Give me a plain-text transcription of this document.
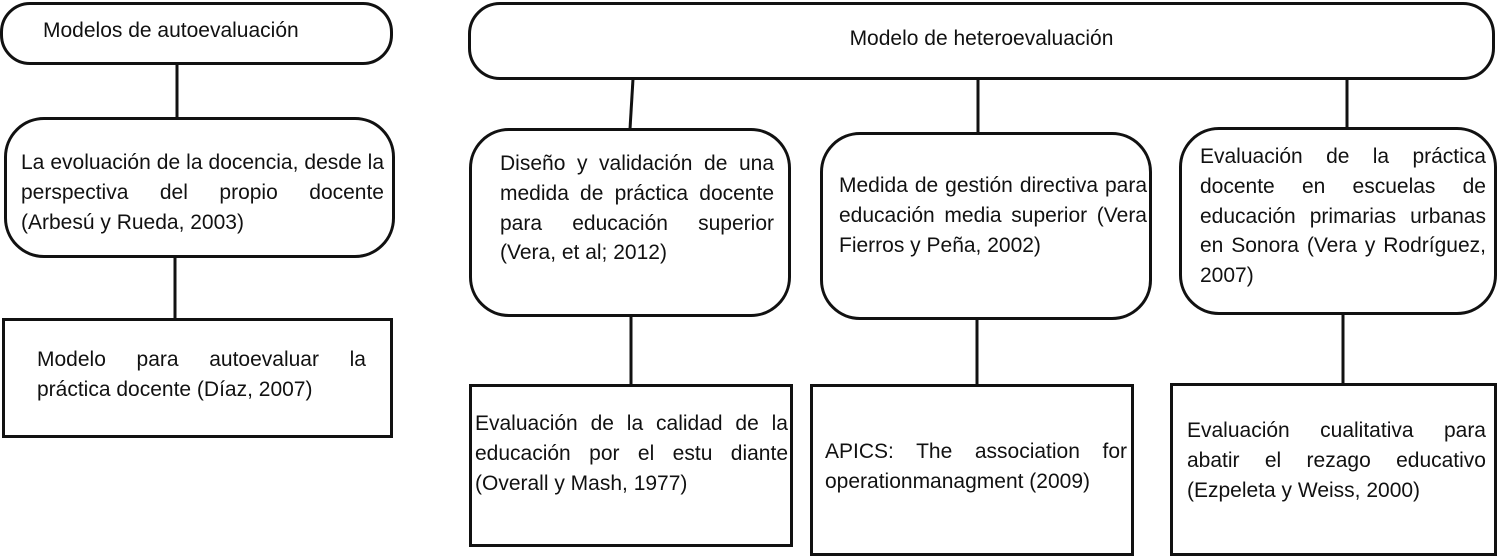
Modelos de autoevaluación
La evoluación de la docencia, desde la perspectiva del propio docente (Arbesú y Rueda, 2003)
Modelo para autoevaluar la práctica docente (Díaz, 2007)
Modelo de heteroevaluación
Diseño y validación de una medida de práctica docente para educación superior (Vera, et al; 2012)
Evaluación de la calidad de la educación por el estu diante (Overall y Mash, 1977)
Medida de gestión directiva para educación media superior (Vera Fierros y Peña, 2002)
APICS: The association for operationmanagment (2009)
Evaluación de la práctica docente en escuelas de educación primarias urbanas en Sonora (Vera y Rodríguez, 2007)
Evaluación cualitativa para abatir el rezago educativo (Ezpeleta y Weiss, 2000)
